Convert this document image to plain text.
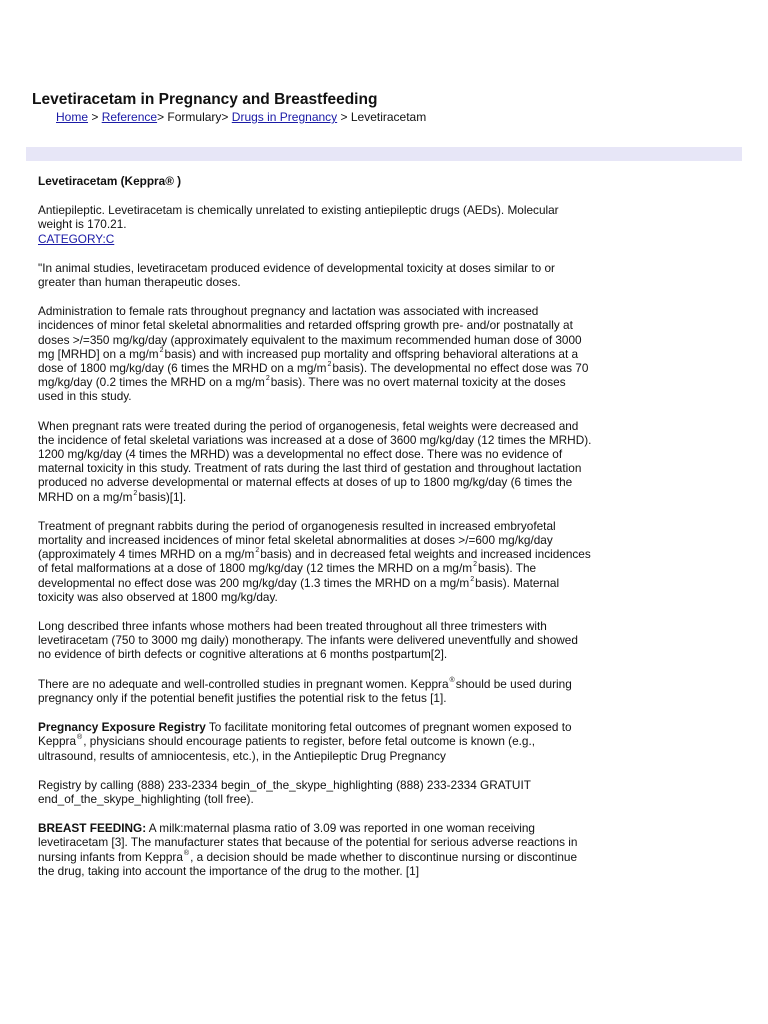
Levetiracetam in Pregnancy and Breastfeeding
Home > Reference> Formulary> Drugs in Pregnancy > Levetiracetam

Levetiracetam (Keppra® )

Antiepileptic. Levetiracetam is chemically unrelated to existing antiepileptic drugs (AEDs). Molecular weight is 170.21.
CATEGORY:C

"In animal studies, levetiracetam produced evidence of developmental toxicity at doses similar to or greater than human therapeutic doses.

Administration to female rats throughout pregnancy and lactation was associated with increased incidences of minor fetal skeletal abnormalities and retarded offspring growth pre- and/or postnatally at doses >/=350 mg/kg/day (approximately equivalent to the maximum recommended human dose of 3000 mg [MRHD] on a $mg/m^2basis$) and with increased pup mortality and offspring behavioral alterations at a dose of 1800 mg/kg/day (6 times the MRHD on a $mg/m^2basis$). The developmental no effect dose was 70 mg/kg/day (0.2 times the MRHD on a $mg/m^2basis$). There was no overt maternal toxicity at the doses used in this study.

When pregnant rats were treated during the period of organogenesis, fetal weights were decreased and the incidence of fetal skeletal variations was increased at a dose of 3600 mg/kg/day (12 times the MRHD). 1200 mg/kg/day (4 times the MRHD) was a developmental no effect dose. There was no evidence of maternal toxicity in this study. Treatment of rats during the last third of gestation and throughout lactation produced no adverse developmental or maternal effects at doses of up to 1800 mg/kg/day (6 times the MRHD on a $mg/m^2basis)[1]$.

Treatment of pregnant rabbits during the period of organogenesis resulted in increased embryofetal mortality and increased incidences of minor fetal skeletal abnormalities at doses >/=600 mg/kg/day (approximately 4 times MRHD on a $mg/m^2basis$) and in decreased fetal weights and increased incidences of fetal malformations at a dose of 1800 mg/kg/day (12 times the MRHD on a $mg/m^2basis$). The developmental no effect dose was 200 mg/kg/day (1.3 times the MRHD on a $mg/m^2basis$). Maternal toxicity was also observed at 1800 mg/kg/day.

Long described three infants whose mothers had been treated throughout all three trimesters with levetiracetam (750 to 3000 mg daily) monotherapy. The infants were delivered uneventfully and showed no evidence of birth defects or cognitive alterations at 6 months postpartum[2].

There are no adequate and well-controlled studies in pregnant women. Keppra®should be used during pregnancy only if the potential benefit justifies the potential risk to the fetus [1].

Pregnancy Exposure Registry To facilitate monitoring fetal outcomes of pregnant women exposed to Keppra®, physicians should encourage patients to register, before fetal outcome is known (e.g., ultrasound, results of amniocentesis, etc.), in the Antiepileptic Drug Pregnancy

Registry by calling (888) 233-2334 begin_of_the_skype_highlighting (888) 233-2334 GRATUIT end_of_the_skype_highlighting (toll free).

BREAST FEEDING: A milk:maternal plasma ratio of 3.09 was reported in one woman receiving levetiracetam [3]. The manufacturer states that because of the potential for serious adverse reactions in nursing infants from Keppra®, a decision should be made whether to discontinue nursing or discontinue the drug, taking into account the importance of the drug to the mother. [1]
